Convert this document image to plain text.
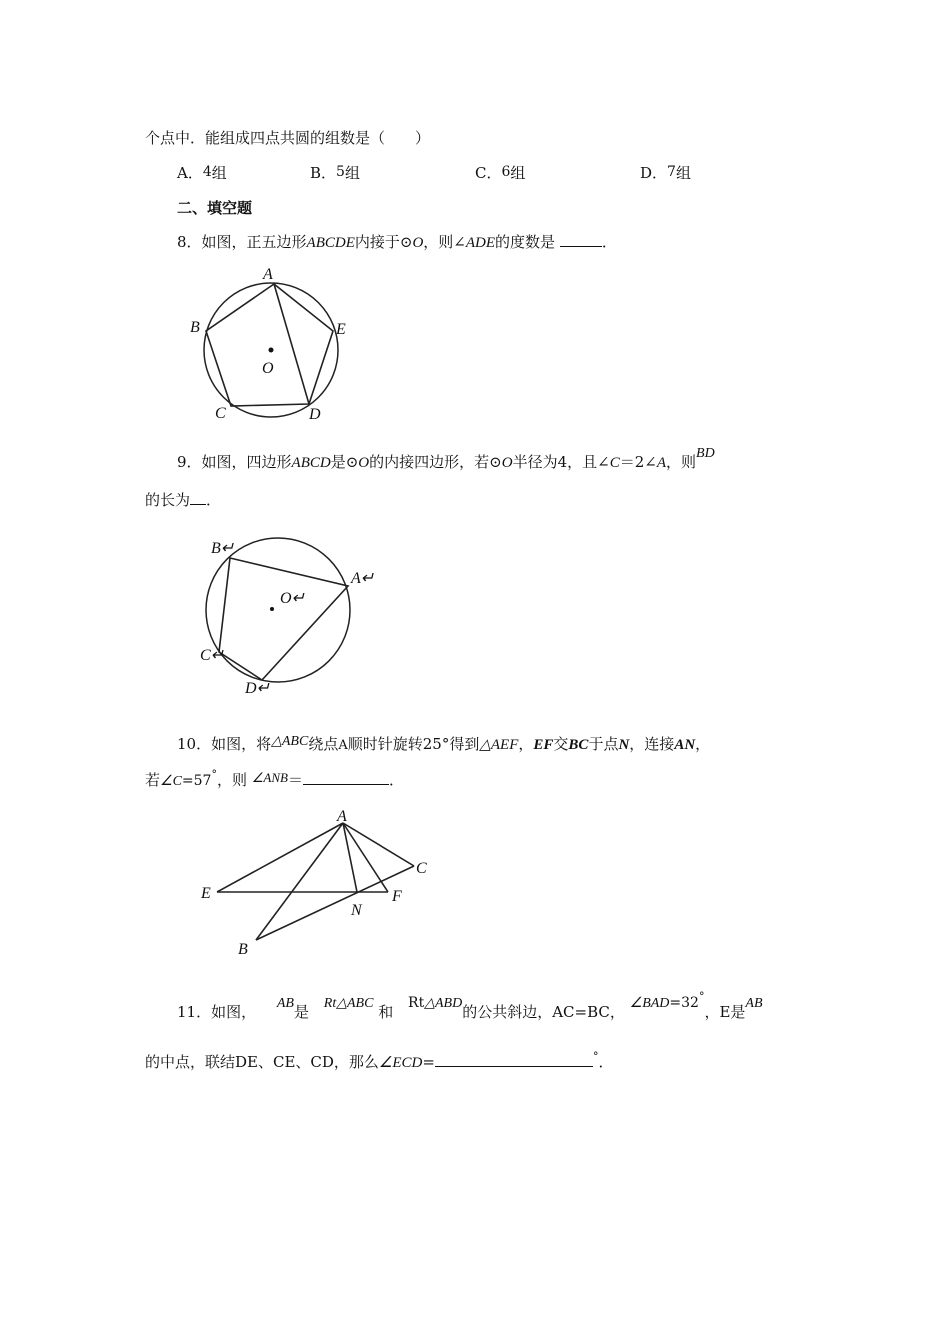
个点中．能组成四点共圆的组数是（　　）
A．4组	B．5组	C．6组	D．7组
二、填空题
8．如图，正五边形ABCDE内接于⊙O，则∠ADE的度数是	．
A
B
C	D
E
O
9．如图，四边形ABCD是⊙O的内接四边形，若⊙O半径为4，且∠C＝2∠A，则BD
的长为 ．
B↵
A↵
O↵
C↵
D↵
10．如图，将△ABC绕点A顺时针旋转25°得到△AEF，EF交BC于点N，连接AN，
若∠C=57°，则 ∠ANB＝	．
A
C
E	F
N
B
11．如图， AB是 Rt△ABC 和 Rt△ABD的公共斜边，AC=BC， ∠BAD=32°，E是AB
的中点，联结DE、CE、CD，那么∠ECD=	°．
